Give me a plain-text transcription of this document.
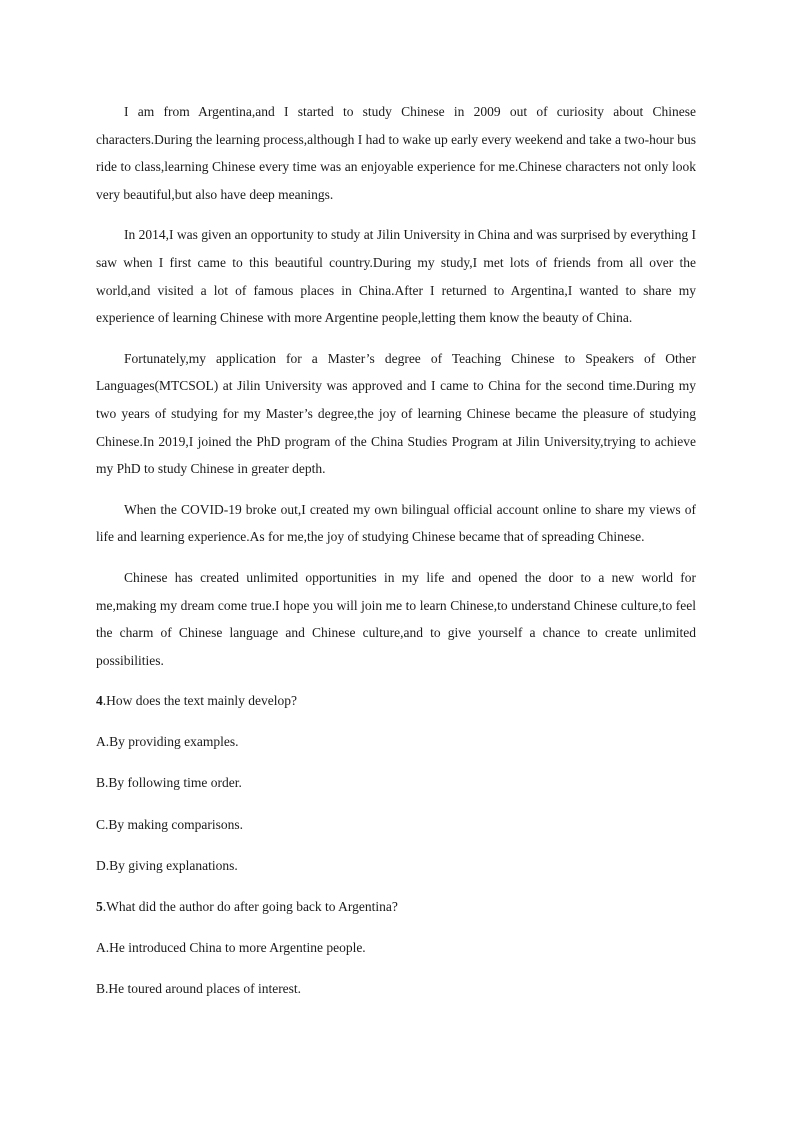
I am from Argentina,and I started to study Chinese in 2009 out of curiosity about Chinese characters.During the learning process,although I had to wake up early every weekend and take a two-hour bus ride to class,learning Chinese every time was an enjoyable experience for me.Chinese characters not only look very beautiful,but also have deep meanings.

In 2014,I was given an opportunity to study at Jilin University in China and was surprised by everything I saw when I first came to this beautiful country.During my study,I met lots of friends from all over the world,and visited a lot of famous places in China.After I returned to Argentina,I wanted to share my experience of learning Chinese with more Argentine people,letting them know the beauty of China.

Fortunately,my application for a Master’s degree of Teaching Chinese to Speakers of Other Languages(MTCSOL) at Jilin University was approved and I came to China for the second time.During my two years of studying for my Master’s degree,the joy of learning Chinese became the pleasure of studying Chinese.In 2019,I joined the PhD program of the China Studies Program at Jilin University,trying to achieve my PhD to study Chinese in greater depth.

When the COVID-19 broke out,I created my own bilingual official account online to share my views of life and learning experience.As for me,the joy of studying Chinese became that of spreading Chinese.

Chinese has created unlimited opportunities in my life and opened the door to a new world for me,making my dream come true.I hope you will join me to learn Chinese,to understand Chinese culture,to feel the charm of Chinese language and Chinese culture,and to give yourself a chance to create unlimited possibilities.

4.How does the text mainly develop?

A.By providing examples.

B.By following time order.

C.By making comparisons.

D.By giving explanations.

5.What did the author do after going back to Argentina?

A.He introduced China to more Argentine people.

B.He toured around places of interest.
